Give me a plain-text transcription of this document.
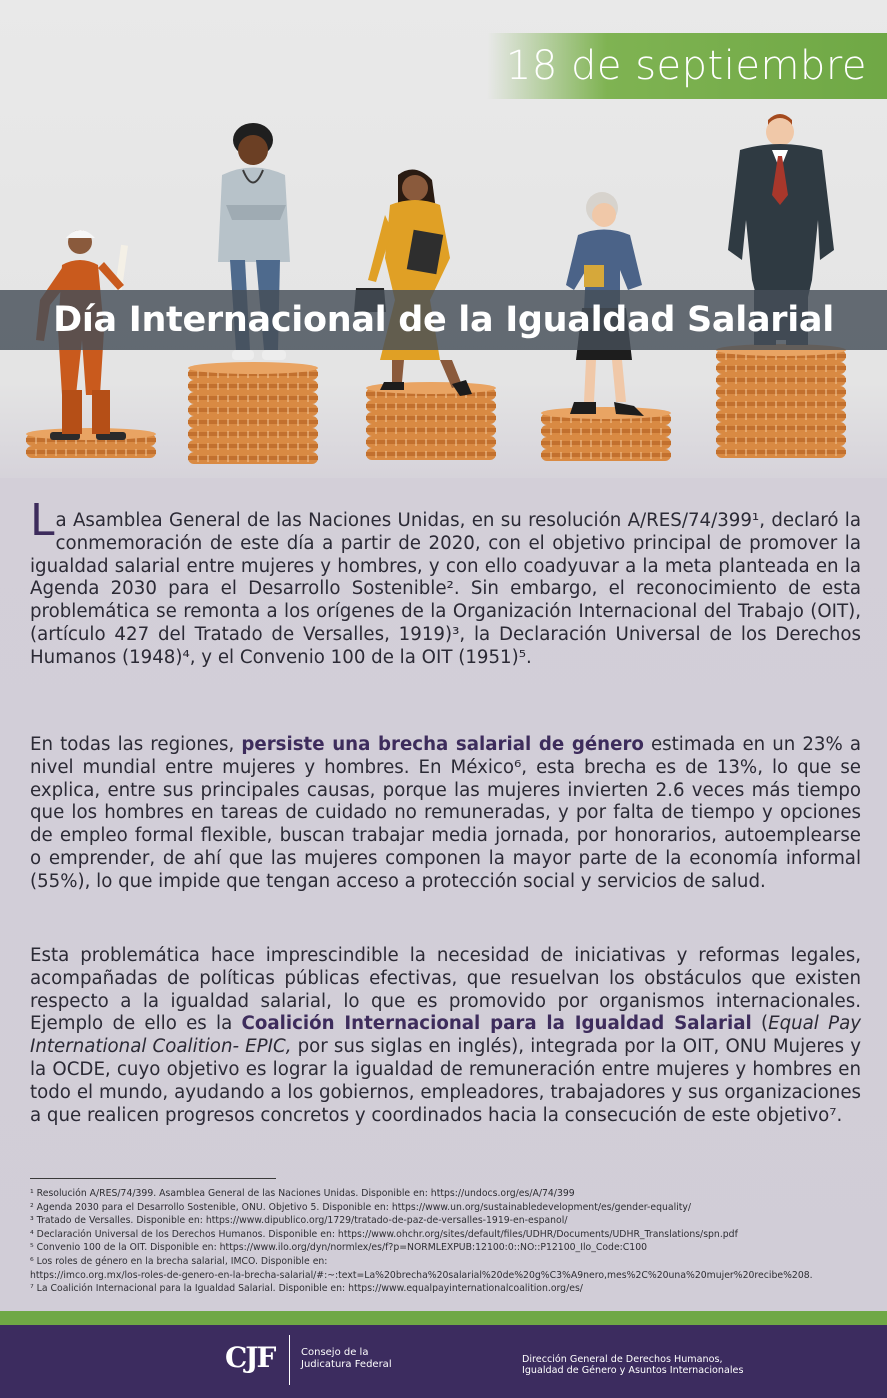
18 de septiembre
Día Internacional de la Igualdad Salarial
La Asamblea General de las Naciones Unidas, en su resolución A/RES/74/399¹, declaró la conmemoración de este día a partir de 2020, con el objetivo principal de promover la igualdad salarial entre mujeres y hombres, y con ello coadyuvar a la meta planteada en la Agenda 2030 para el Desarrollo Sostenible². Sin embargo, el reconocimiento de esta problemática se remonta a los orígenes de la Organización Internacional del Trabajo (OIT), (artículo 427 del Tratado de Versalles, 1919)³, la Declaración Universal de los Derechos Humanos (1948)⁴, y el Convenio 100 de la OIT (1951)⁵.
En todas las regiones, persiste una brecha salarial de género estimada en un 23% a nivel mundial entre mujeres y hombres. En México⁶, esta brecha es de 13%, lo que se explica, entre sus principales causas, porque las mujeres invierten 2.6 veces más tiempo que los hombres en tareas de cuidado no remuneradas, y por falta de tiempo y opciones de empleo formal flexible, buscan trabajar media jornada, por honorarios, autoemplearse o emprender, de ahí que las mujeres componen la mayor parte de la economía informal (55%), lo que impide que tengan acceso a protección social y servicios de salud.
Esta problemática hace imprescindible la necesidad de iniciativas y reformas legales, acompañadas de políticas públicas efectivas, que resuelvan los obstáculos que existen respecto a la igualdad salarial, lo que es promovido por organismos internacionales. Ejemplo de ello es la Coalición Internacional para la Igualdad Salarial (Equal Pay International Coalition- EPIC, por sus siglas en inglés), integrada por la OIT, ONU Mujeres y la OCDE, cuyo objetivo es lograr la igualdad de remuneración entre mujeres y hombres en todo el mundo, ayudando a los gobiernos, empleadores, trabajadores y sus organizaciones a que realicen progresos concretos y coordinados hacia la consecución de este objetivo⁷.
¹ Resolución A/RES/74/399. Asamblea General de las Naciones Unidas. Disponible en: https://undocs.org/es/A/74/399
² Agenda 2030 para el Desarrollo Sostenible, ONU. Objetivo 5. Disponible en: https://www.un.org/sustainabledevelopment/es/gender-equality/
³ Tratado de Versalles. Disponible en: https://www.dipublico.org/1729/tratado-de-paz-de-versalles-1919-en-espanol/
⁴ Declaración Universal de los Derechos Humanos. Disponible en: https://www.ohchr.org/sites/default/files/UDHR/Documents/UDHR_Translations/spn.pdf
⁵ Convenio 100 de la OIT. Disponible en: https://www.ilo.org/dyn/normlex/es/f?p=NORMLEXPUB:12100:0::NO::P12100_Ilo_Code:C100
⁶ Los roles de género en la brecha salarial, IMCO. Disponible en:
https://imco.org.mx/los-roles-de-genero-en-la-brecha-salarial/#:~:text=La%20brecha%20salarial%20de%20g%C3%A9nero,mes%2C%20una%20mujer%20recibe%208.
⁷ La Coalición Internacional para la Igualdad Salarial. Disponible en: https://www.equalpayinternationalcoalition.org/es/
CJF	Consejo de la
Judicatura Federal	Dirección General de Derechos Humanos,
Igualdad de Género y Asuntos Internacionales
